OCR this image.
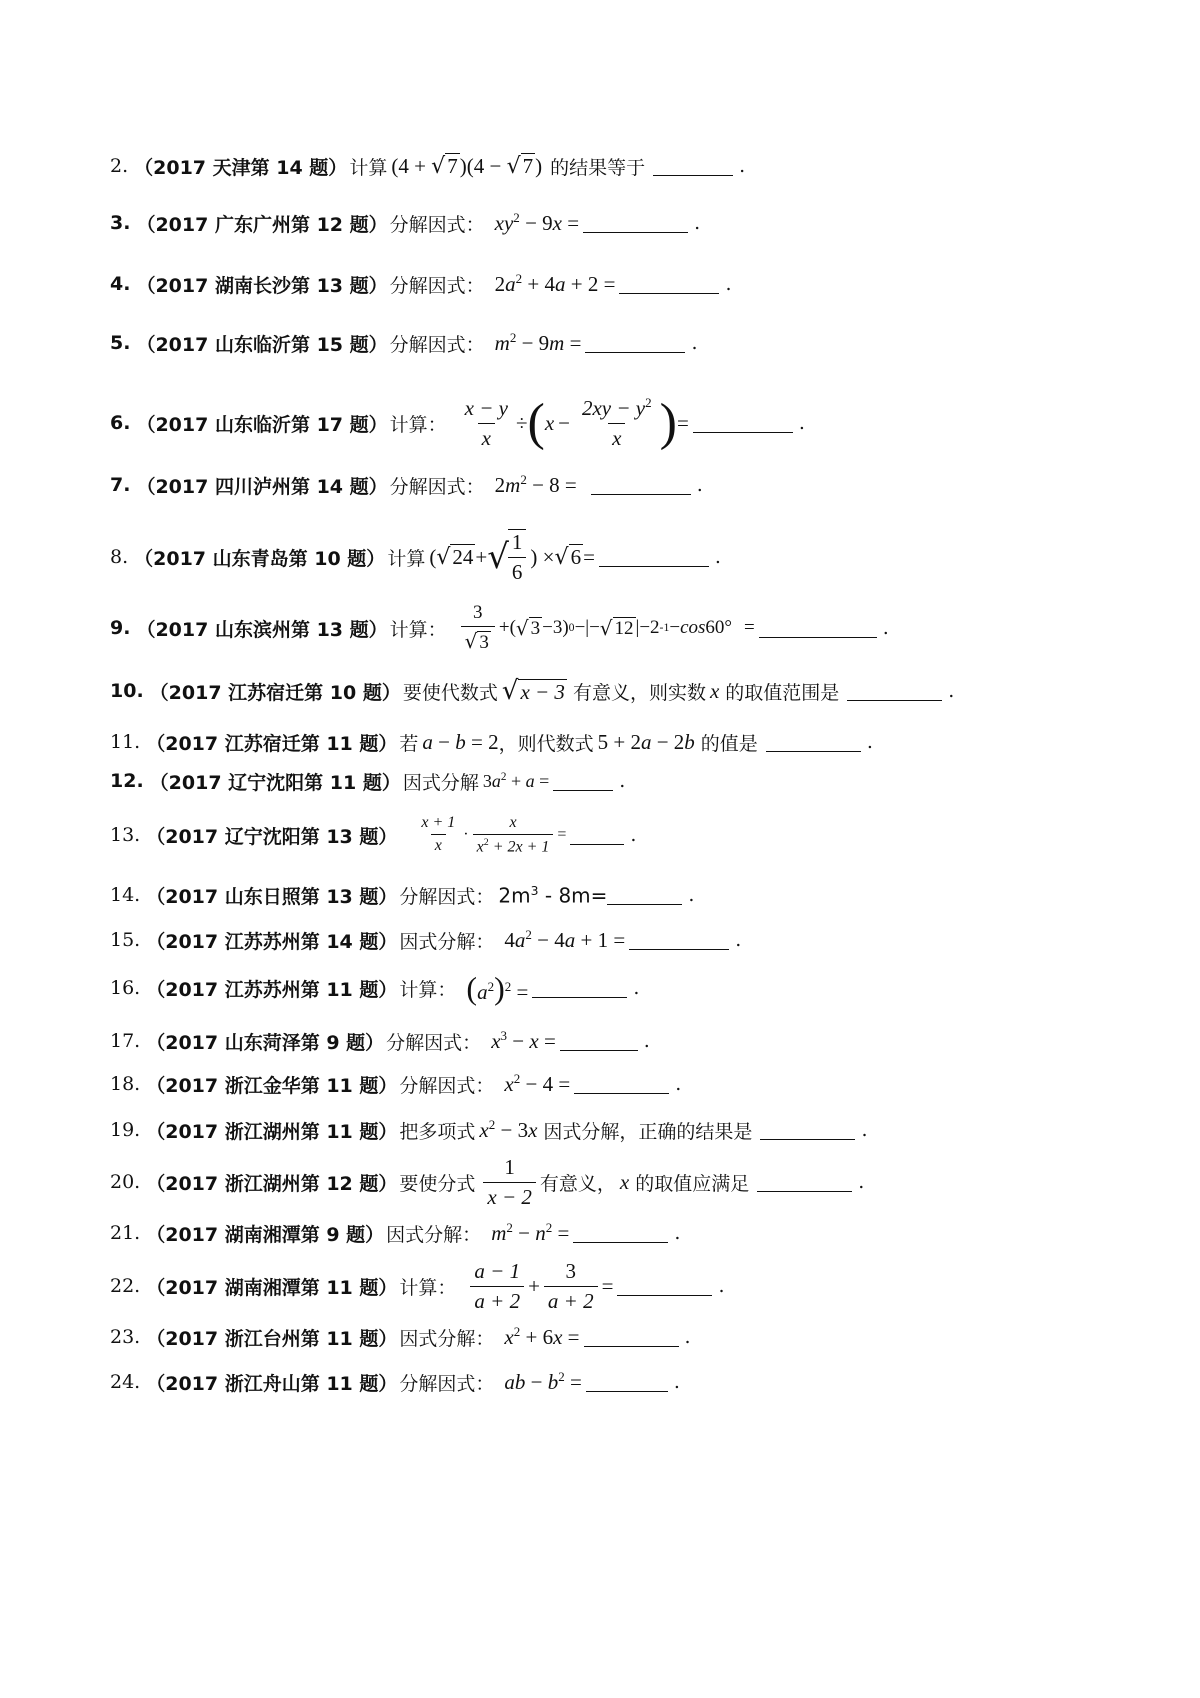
2. （2017 天津第 14 题） 计算 (4 + √7)(4 − √7) 的结果等于	.
3. （2017 广东广州第 12 题） 分解因式： $xy^2 - 9x$ =	.
4. （2017 湖南长沙第 13 题） 分解因式： $2a^2 + 4a + 2$ =	.
5. （2017 山东临沂第 15 题） 分解因式： $m^2 - 9m$ =	.
6. （2017 山东临沂第 17 题） 计算： $\frac{x - y}{x}$ ÷ ( $x - \frac{2xy - y^2}{x}$ ) =	.
7. （2017 四川泸州第 14 题） 分解因式： $2m^2 - 8$ =	.
8. （2017 山东青岛第 10 题） 计算 ( √ 24 + √ $\frac{1}{6}$ ) × √ 6 =	.
9. （2017 山东滨州第 13 题） 计算： $\frac{3}{√ 3}$ +( √ 3 −3) 0 −|− √ 12 |−2 -1 − cos 60° =	.
10. （2017 江苏宿迁第 10 题） 要使代数式 √x − 3 有意义，则实数 x 的取值范围是	.
11. （2017 江苏宿迁第 11 题） 若 a − b = 2 ，则代数式 5 + 2a − 2b 的值是	.
12. （2017 辽宁沈阳第 11 题） 因式分解 $3a^2 + a$ =	.
13. （2017 辽宁沈阳第 13 题） $\frac{x + 1}{x} \cdot \frac{x}{x^2 + 2x + 1}$ =	.
14. （2017 山东日照第 13 题） 分解因式： $2m^3 - 8m=$	.
15. （2017 江苏苏州第 14 题） 因式分解： $4a^2 - 4a + 1$ =	.
16. （2017 江苏苏州第 11 题） 计算： $(a^2)^2$ =	.
17. （2017 山东菏泽第 9 题） 分解因式： $x^3 - x$ =	.
18. （2017 浙江金华第 11 题） 分解因式： $x^2 - 4$ =	.
19. （2017 浙江湖州第 11 题） 把多项式 $x^2 - 3x$ 因式分解，正确的结果是	.
20. （2017 浙江湖州第 12 题） 要使分式 $\frac{1}{x - 2}$ 有意义， x 的取值应满足	.
21. （2017 湖南湘潭第 9 题） 因式分解： $m^2 - n^2$ =	.
22. （2017 湖南湘潭第 11 题） 计算： $\frac{a - 1}{a + 2} + \frac{3}{a + 2}$ =	.
23. （2017 浙江台州第 11 题） 因式分解： $x^2 + 6x$ =	.
24. （2017 浙江舟山第 11 题） 分解因式： ab − $b^2$ =	.
